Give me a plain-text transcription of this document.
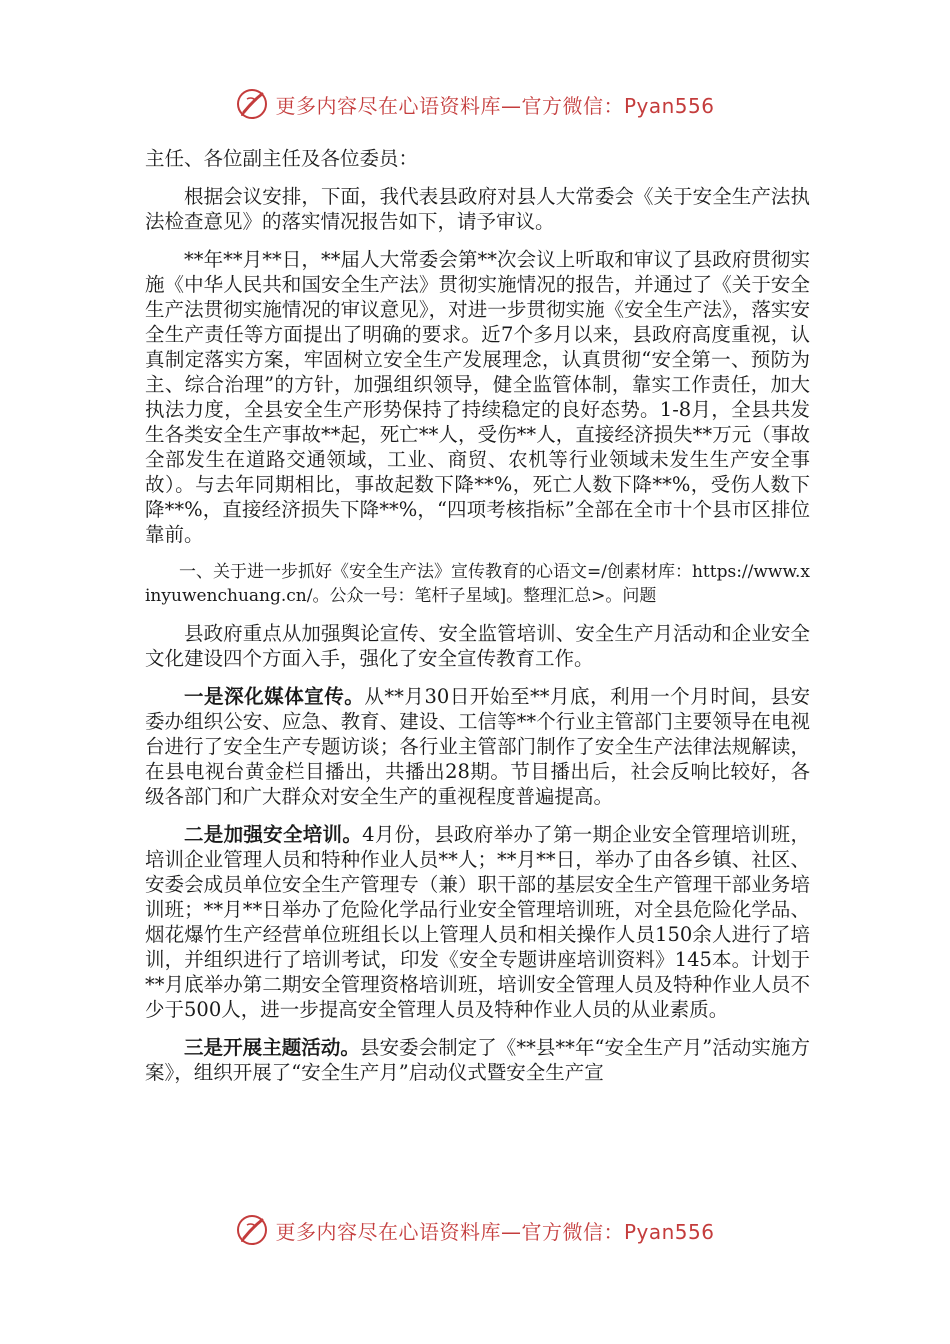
更多内容尽在心语资料库—官方微信：Pyan556

主任、各位副主任及各位委员：

根据会议安排，下面，我代表县政府对县人大常委会《关于安全生产法执法检查意见》的落实情况报告如下，请予审议。

**年**月**日，**届人大常委会第**次会议上听取和审议了县政府贯彻实施《中华人民共和国安全生产法》贯彻实施情况的报告，并通过了《关于安全生产法贯彻实施情况的审议意见》，对进一步贯彻实施《安全生产法》，落实安全生产责任等方面提出了明确的要求。近7个多月以来，县政府高度重视，认真制定落实方案，牢固树立安全生产发展理念，认真贯彻“安全第一、预防为主、综合治理”的方针，加强组织领导，健全监管体制，靠实工作责任，加大执法力度，全县安全生产形势保持了持续稳定的良好态势。1-8月，全县共发生各类安全生产事故**起，死亡**人，受伤**人，直接经济损失**万元（事故全部发生在道路交通领域，工业、商贸、农机等行业领域未发生生产安全事故）。与去年同期相比，事故起数下降**%，死亡人数下降**%，受伤人数下降**%，直接经济损失下降**%，“四项考核指标”全部在全市十个县市区排位靠前。

一、关于进一步抓好《安全生产法》宣传教育的心语文=/创素材库：https://www.xinyuwenchuang.cn/。公众一号：笔杆子星域]。整理汇总>。问题

县政府重点从加强舆论宣传、安全监管培训、安全生产月活动和企业安全文化建设四个方面入手，强化了安全宣传教育工作。

一是深化媒体宣传。从**月30日开始至**月底，利用一个月时间，县安委办组织公安、应急、教育、建设、工信等**个行业主管部门主要领导在电视台进行了安全生产专题访谈；各行业主管部门制作了安全生产法律法规解读，在县电视台黄金栏目播出，共播出28期。节目播出后，社会反响比较好，各级各部门和广大群众对安全生产的重视程度普遍提高。

二是加强安全培训。4月份，县政府举办了第一期企业安全管理培训班，培训企业管理人员和特种作业人员**人；**月**日，举办了由各乡镇、社区、安委会成员单位安全生产管理专（兼）职干部的基层安全生产管理干部业务培训班；**月**日举办了危险化学品行业安全管理培训班，对全县危险化学品、烟花爆竹生产经营单位班组长以上管理人员和相关操作人员150余人进行了培训，并组织进行了培训考试，印发《安全专题讲座培训资料》145本。计划于**月底举办第二期安全管理资格培训班，培训安全管理人员及特种作业人员不少于500人，进一步提高安全管理人员及特种作业人员的从业素质。

三是开展主题活动。县安委会制定了《**县**年“安全生产月”活动实施方案》，组织开展了“安全生产月”启动仪式暨安全生产宣

更多内容尽在心语资料库—官方微信：Pyan556
